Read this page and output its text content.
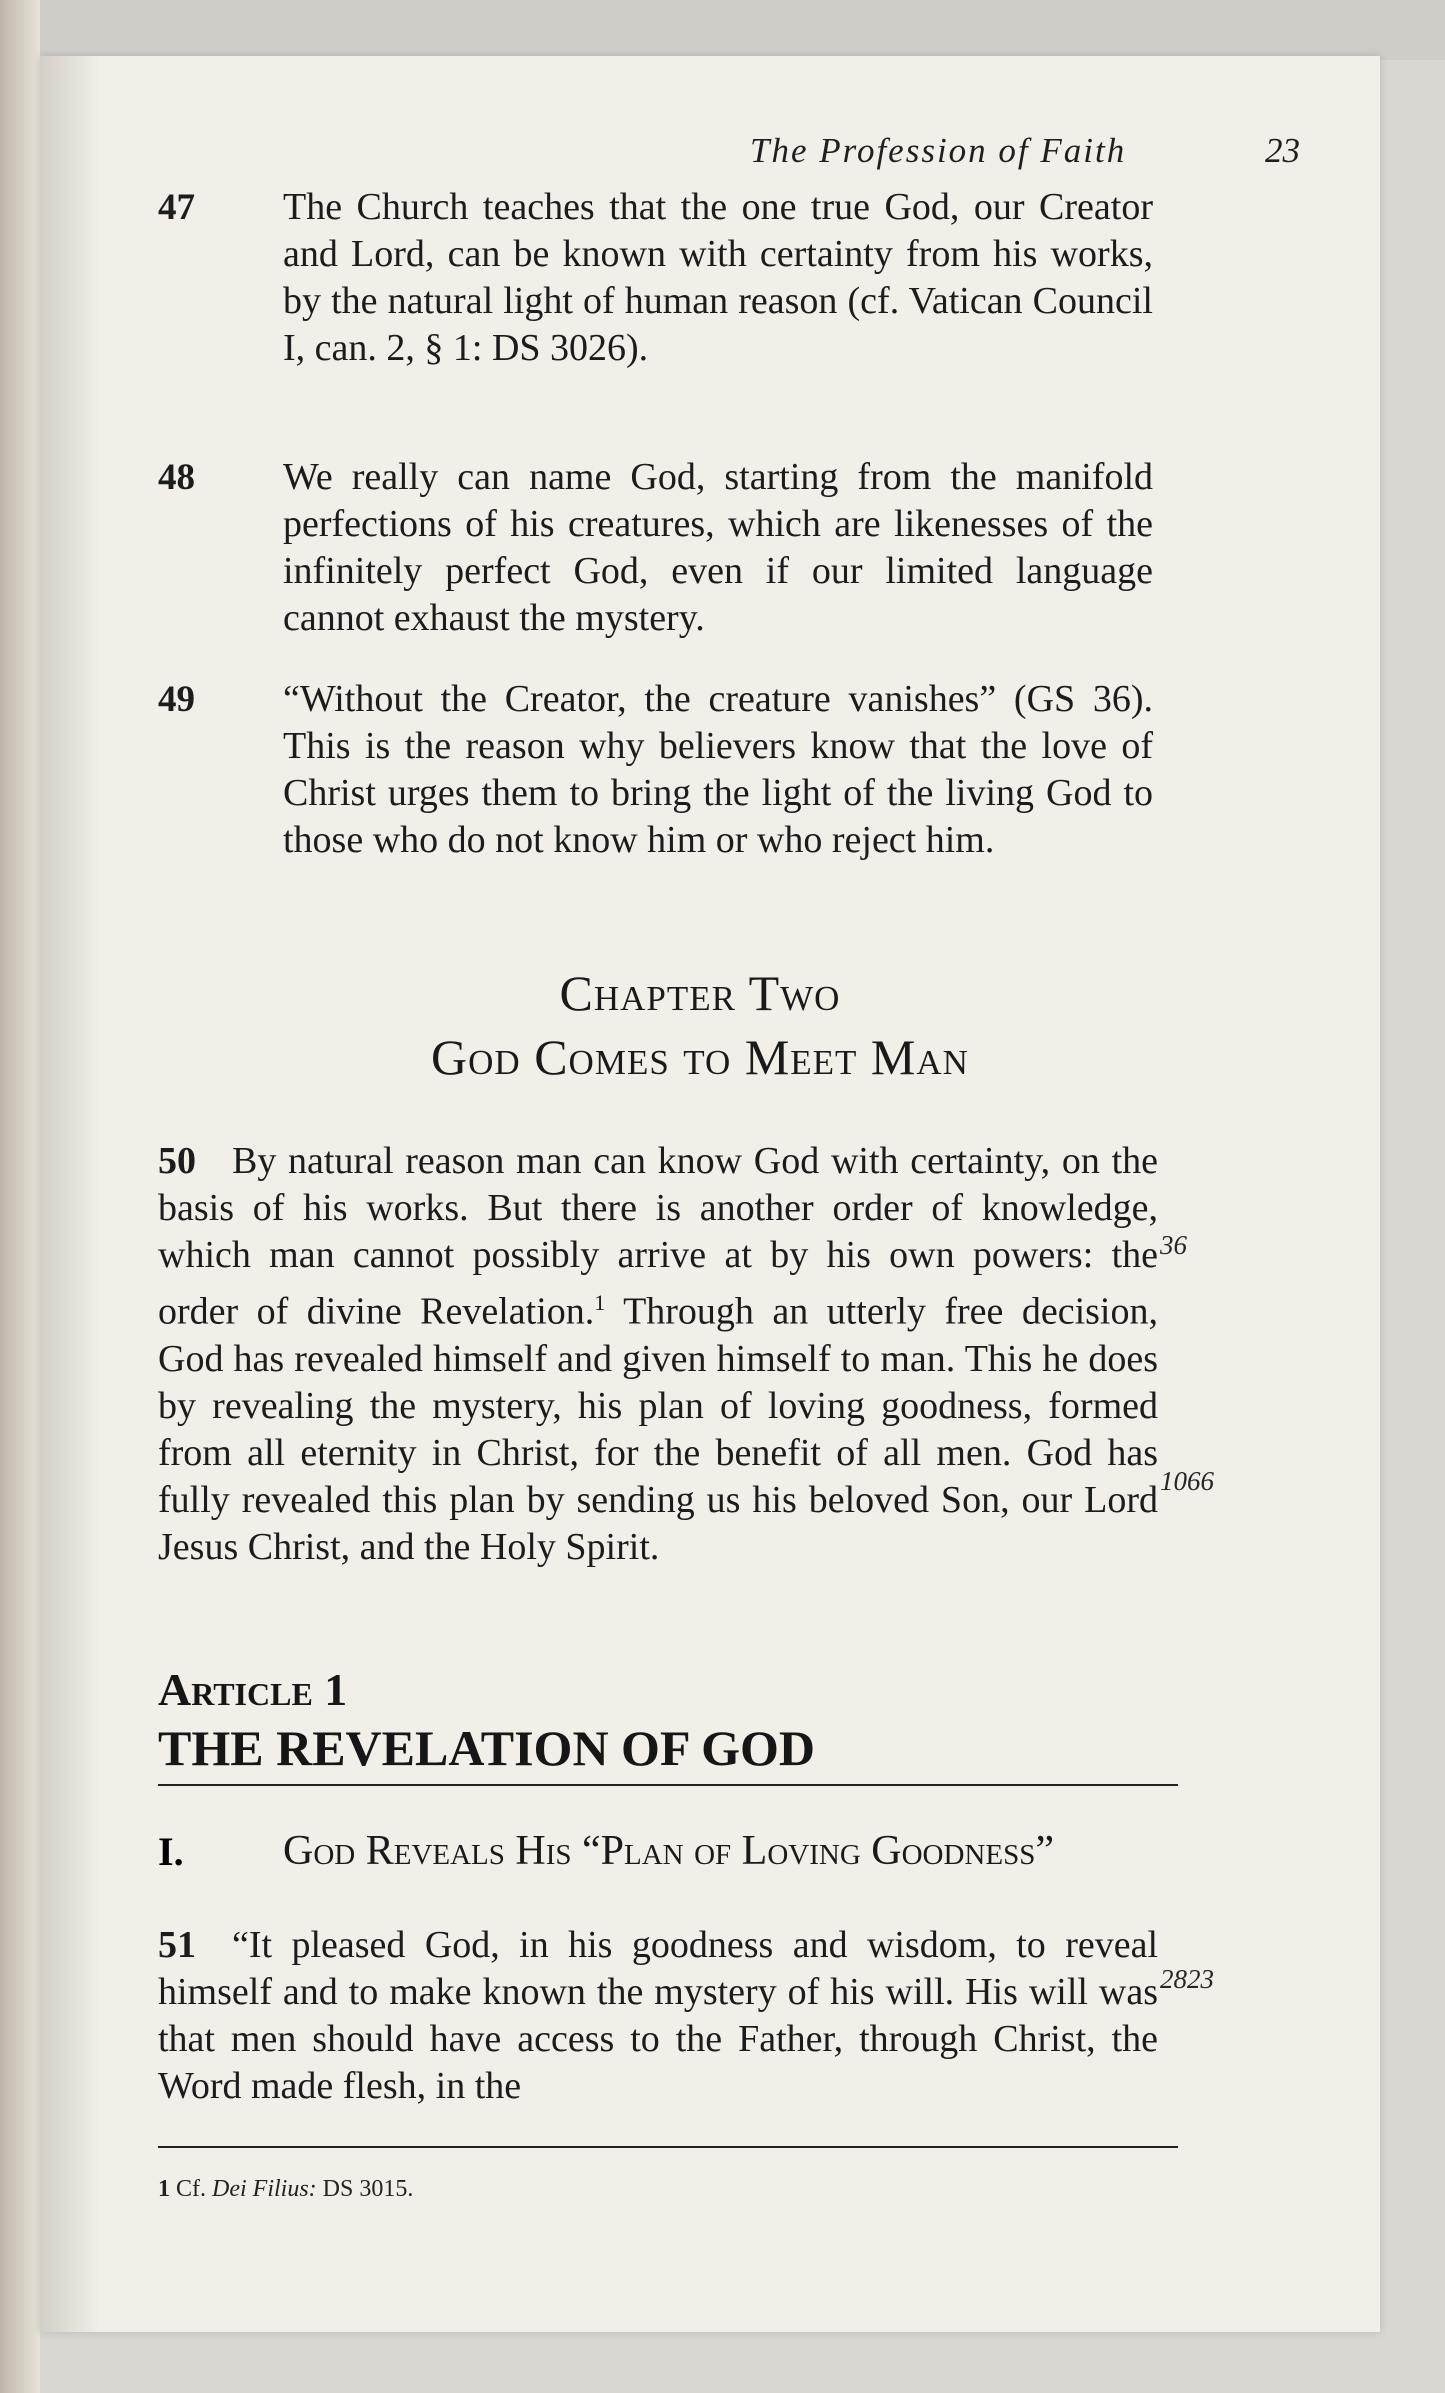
The Profession of Faith	23
47 The Church teaches that the one true God, our Creator and Lord, can be known with certainty from his works, by the natural light of human reason (cf. Vatican Council I, can. 2, § 1: DS 3026).
48 We really can name God, starting from the manifold perfections of his creatures, which are likenesses of the infinitely perfect God, even if our limited language cannot exhaust the mystery.
49 “Without the Creator, the creature vanishes” (GS 36). This is the reason why believers know that the love of Christ urges them to bring the light of the living God to those who do not know him or who reject him.
Chapter Two
God Comes to Meet Man
50 By natural reason man can know God with certainty, on the basis of his works. But there is another order of knowledge, which man cannot possibly arrive at by his own powers: the order of divine Revelation.$^1$ Through an utterly free decision, God has revealed himself and given himself to man. This he does by revealing the mystery, his plan of loving goodness, formed from all eternity in Christ, for the benefit of all men. God has fully revealed this plan by sending us his beloved Son, our Lord Jesus Christ, and the Holy Spirit.
36
1066
Article 1
THE REVELATION OF GOD
I. God Reveals His “Plan of Loving Goodness”
51 “It pleased God, in his goodness and wisdom, to reveal himself and to make known the mystery of his will. His will was that men should have access to the Father, through Christ, the Word made flesh, in the
2823
1 Cf. Dei Filius: DS 3015.
